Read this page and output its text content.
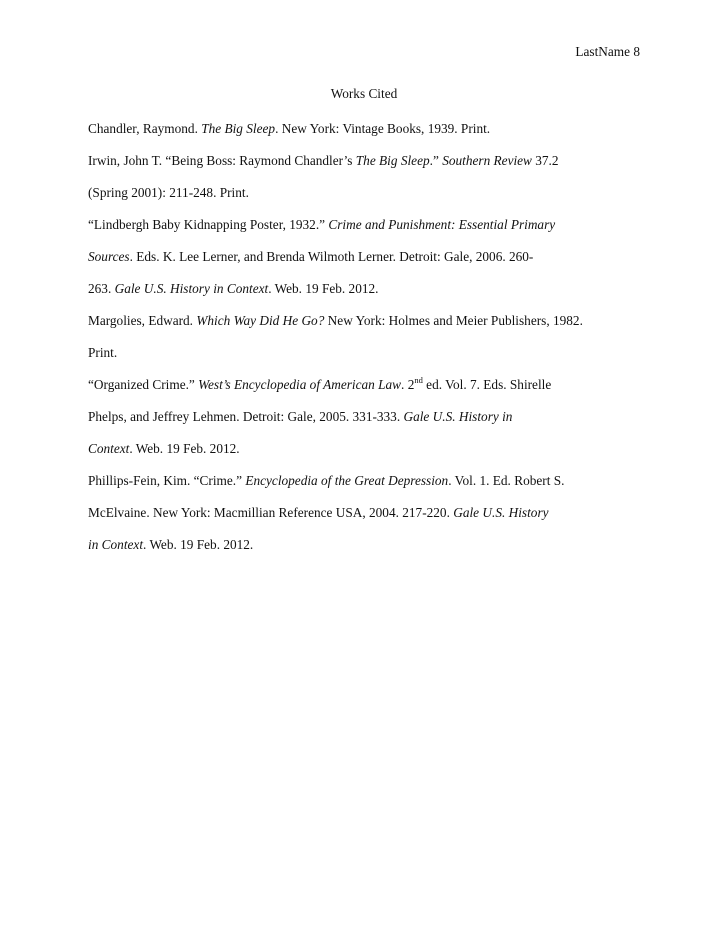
LastName 8
Works Cited
Chandler, Raymond. The Big Sleep. New York: Vintage Books, 1939. Print.
Irwin, John T. “Being Boss: Raymond Chandler’s The Big Sleep.” Southern Review 37.2
(Spring 2001): 211-248. Print.
“Lindbergh Baby Kidnapping Poster, 1932.” Crime and Punishment: Essential Primary
Sources. Eds. K. Lee Lerner, and Brenda Wilmoth Lerner. Detroit: Gale, 2006. 260-
263. Gale U.S. History in Context. Web. 19 Feb. 2012.
Margolies, Edward. Which Way Did He Go? New York: Holmes and Meier Publishers, 1982.
Print.
“Organized Crime.” West’s Encyclopedia of American Law. 2nd ed. Vol. 7. Eds. Shirelle
Phelps, and Jeffrey Lehmen. Detroit: Gale, 2005. 331-333. Gale U.S. History in
Context. Web. 19 Feb. 2012.
Phillips-Fein, Kim. “Crime.” Encyclopedia of the Great Depression. Vol. 1. Ed. Robert S.
McElvaine. New York: Macmillian Reference USA, 2004. 217-220. Gale U.S. History
in Context. Web. 19 Feb. 2012.
